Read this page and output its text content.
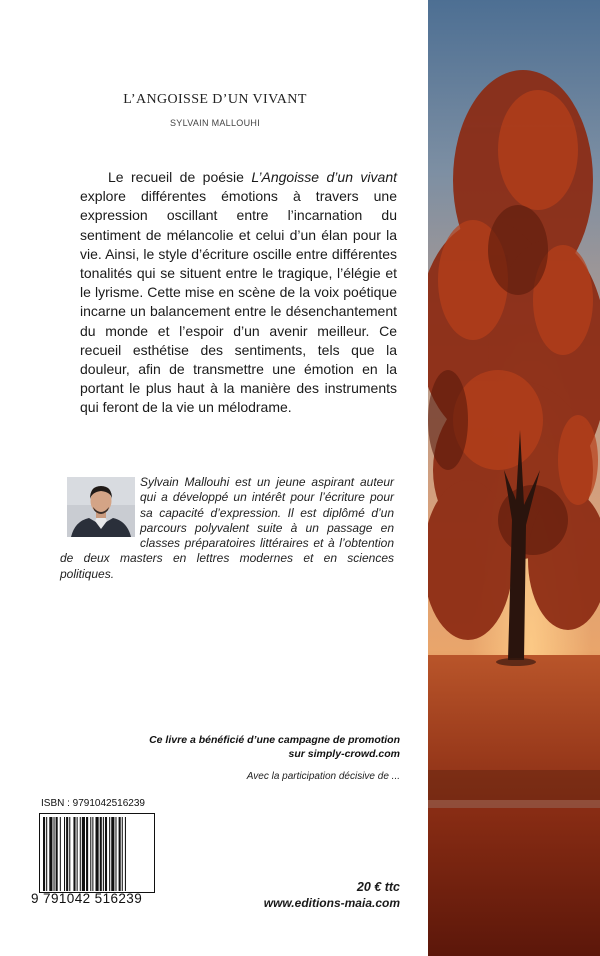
L’ANGOISSE D’UN VIVANT
SYLVAIN MALLOUHI
Le recueil de poésie L’Angoisse d’un vivant explore différentes émotions à travers une expression oscillant entre l’incarnation du sentiment de mélancolie et celui d’un élan pour la vie. Ainsi, le style d’écriture oscille entre différentes tonalités qui se situent entre le tragique, l’élégie et le lyrisme. Cette mise en scène de la voix poétique incarne un balancement entre le désenchantement du monde et l’espoir d’un avenir meilleur. Ce recueil esthétise des sentiments, tels que la douleur, afin de transmettre une émotion en la portant le plus haut à la manière des instruments qui feront de la vie un mélodrame.
Sylvain Mallouhi est un jeune aspirant auteur qui a développé un intérêt pour l’écriture pour sa capacité d’expression. Il est diplômé d’un parcours polyvalent suite à un passage en classes préparatoires littéraires et à l’obtention de deux masters en lettres modernes et en sciences politiques.
Ce livre a bénéficié d’une campagne de promotion
sur simply-crowd.com
Avec la participation décisive de ...
ISBN : 9791042516239
9 791042 516239
20 € ttc
www.editions-maia.com
